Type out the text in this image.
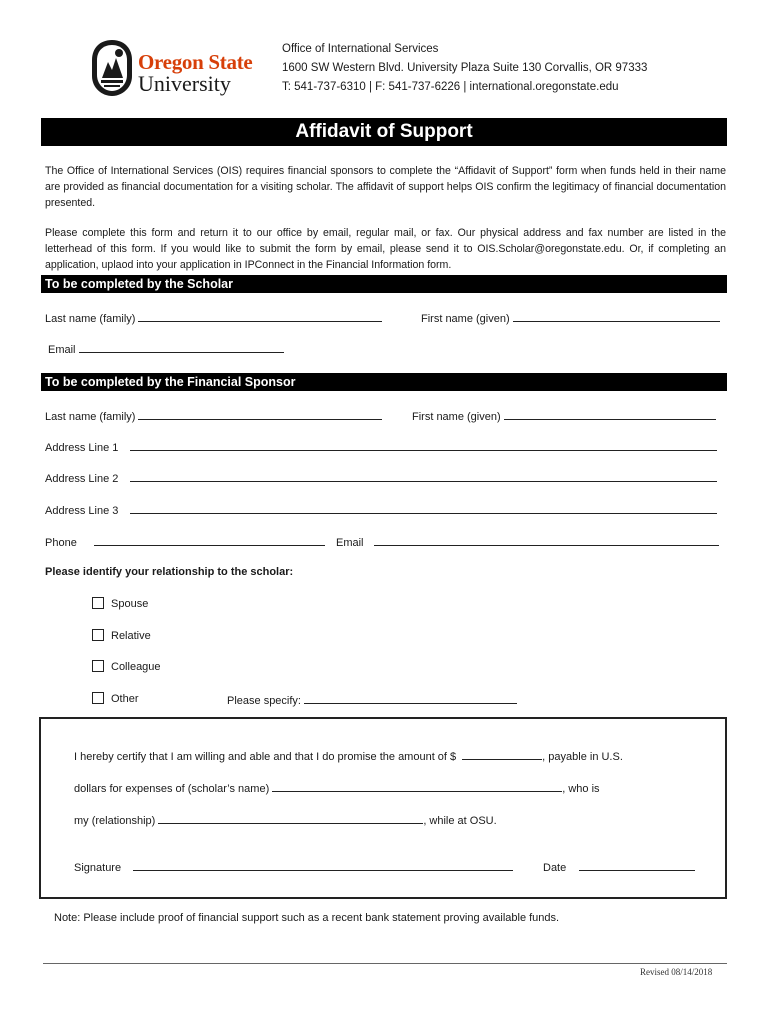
Oregon State
University
Office of International Services
1600 SW Western Blvd. University Plaza Suite 130 Corvallis, OR 97333
T: 541-737-6310 | F: 541-737-6226 | international.oregonstate.edu
Affidavit of Support
The Office of International Services (OIS) requires financial sponsors to complete the “Affidavit of Support” form when funds held in their name are provided as financial documentation for a visiting scholar. The affidavit of support helps OIS confirm the legitimacy of financial documentation presented.
Please complete this form and return it to our office by email, regular mail, or fax. Our physical address and fax number are listed in the letterhead of this form. If you would like to submit the form by email, please send it to OIS.Scholar@oregonstate.edu. Or, if completing an application, uplaod into your application in IPConnect in the Financial Information form.
To be completed by the Scholar
Last name (family)	First name (given)
Email
To be completed by the Financial Sponsor
Last name (family)	First name (given)
Address Line 1
Address Line 2
Address Line 3
Phone	Email
Please identify your relationship to the scholar:
Spouse
Relative
Colleague
Other	Please specify:
I hereby certify that I am willing and able and that I do promise the amount of $	, payable in U.S.
dollars for expenses of (scholar’s name)	, who is
my (relationship)	, while at OSU.
Signature	Date
Note: Please include proof of financial support such as a recent bank statement proving available funds.
Revised 08/14/2018
